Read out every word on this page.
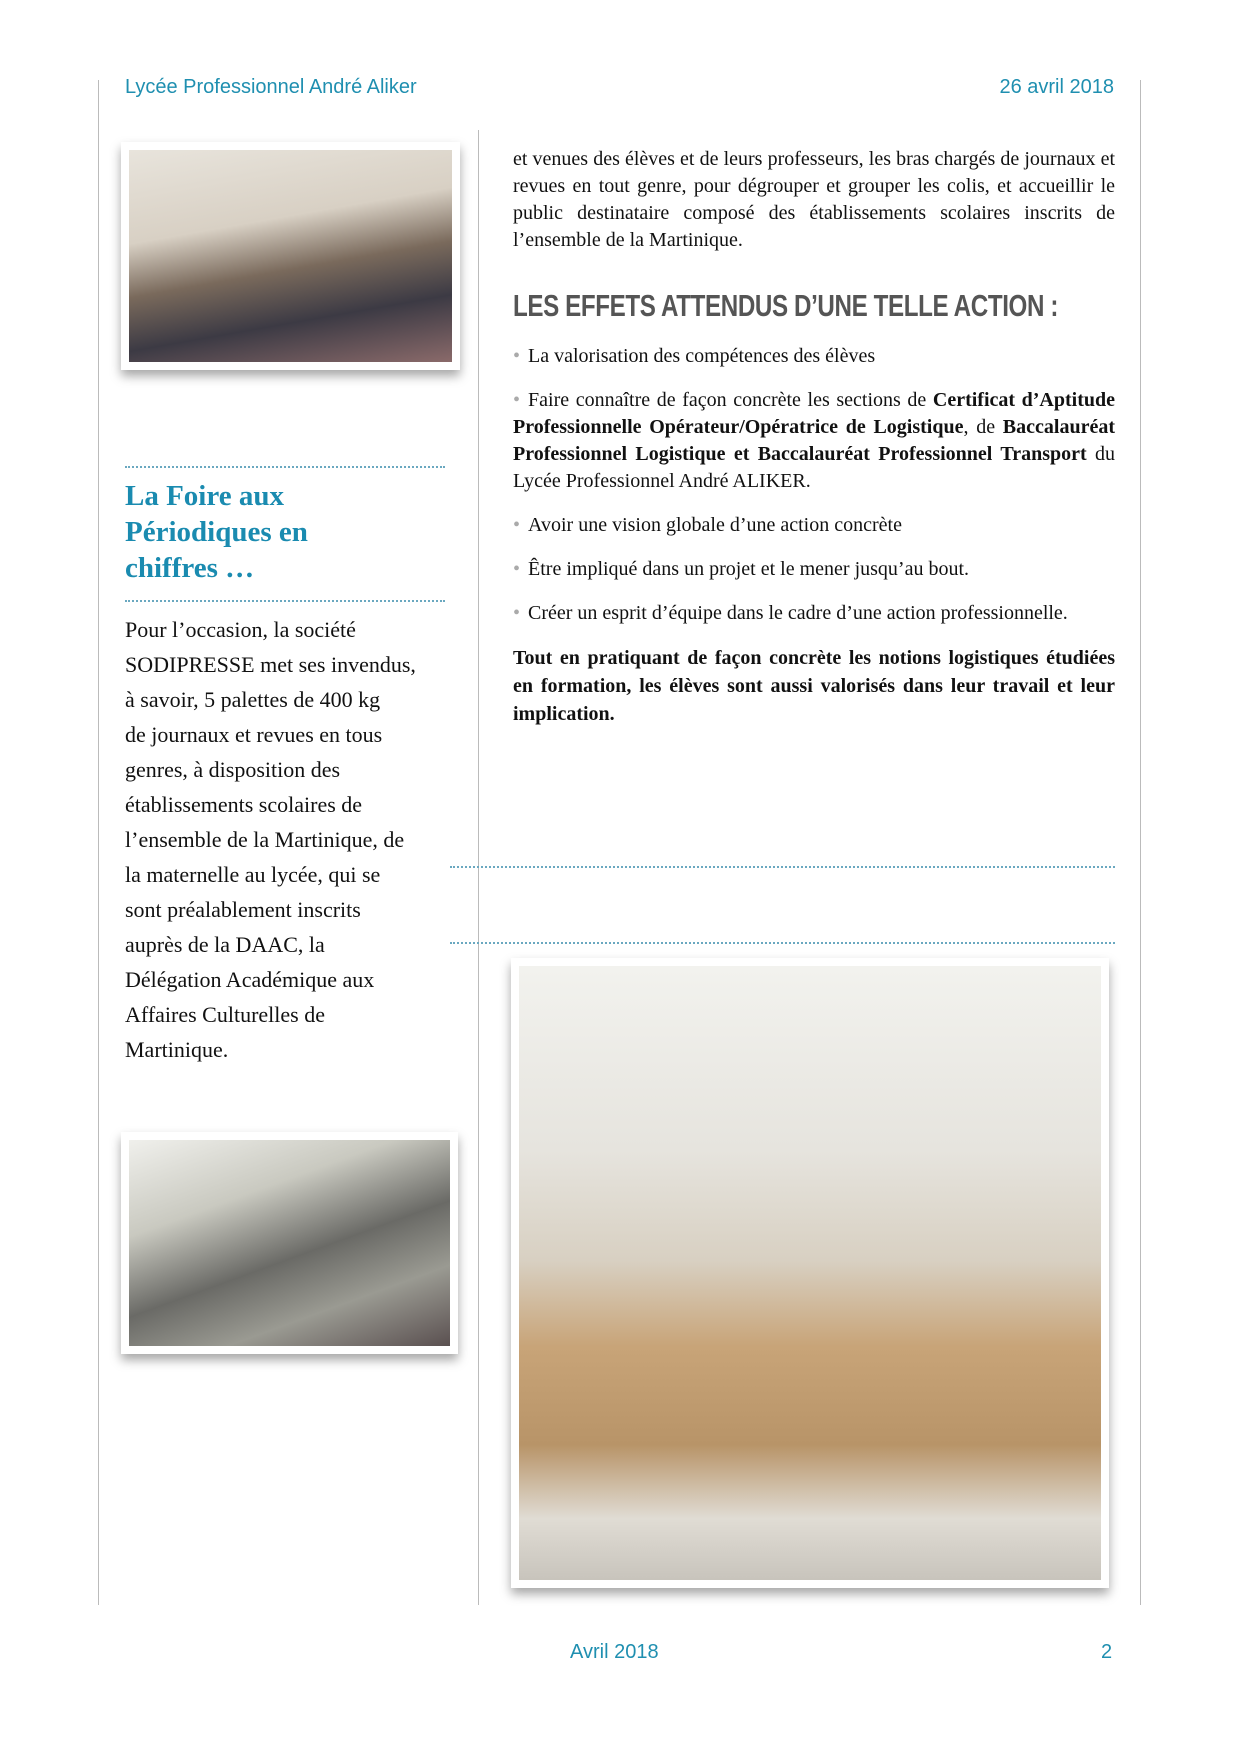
Lycée Professionnel André Aliker	26 avril 2018
La Foire aux
Périodiques en
chiffres …
Pour l’occasion, la société
SODIPRESSE met ses invendus,
à savoir, 5 palettes de 400 kg
de journaux et revues en tous
genres, à disposition des
établissements scolaires de
l’ensemble de la Martinique, de
la maternelle au lycée, qui se
sont préalablement inscrits
auprès de la DAAC, la
Délégation Académique aux
Affaires Culturelles de
Martinique.
et venues des élèves et de leurs professeurs, les bras chargés de journaux et revues en tout genre, pour dégrouper et grouper les colis, et accueillir le public destinataire composé des établissements scolaires inscrits de l’ensemble de la Martinique.
LES EFFETS ATTENDUS D’UNE TELLE ACTION :

• La valorisation des compétences des élèves

• Faire connaître de façon concrète les sections de Certificat d’Aptitude Professionnelle Opérateur/Opératrice de Logistique, de Baccalauréat Professionnel Logistique et Baccalauréat Professionnel Transport du Lycée Professionnel André ALIKER.

• Avoir une vision globale d’une action concrète

• Être impliqué dans un projet et le mener jusqu’au bout.

• Créer un esprit d’équipe dans le cadre d’une action professionnelle.

Tout en pratiquant de façon concrète les notions logistiques étudiées en formation, les élèves sont aussi valorisés dans leur travail et leur implication.

Avril 2018	2
